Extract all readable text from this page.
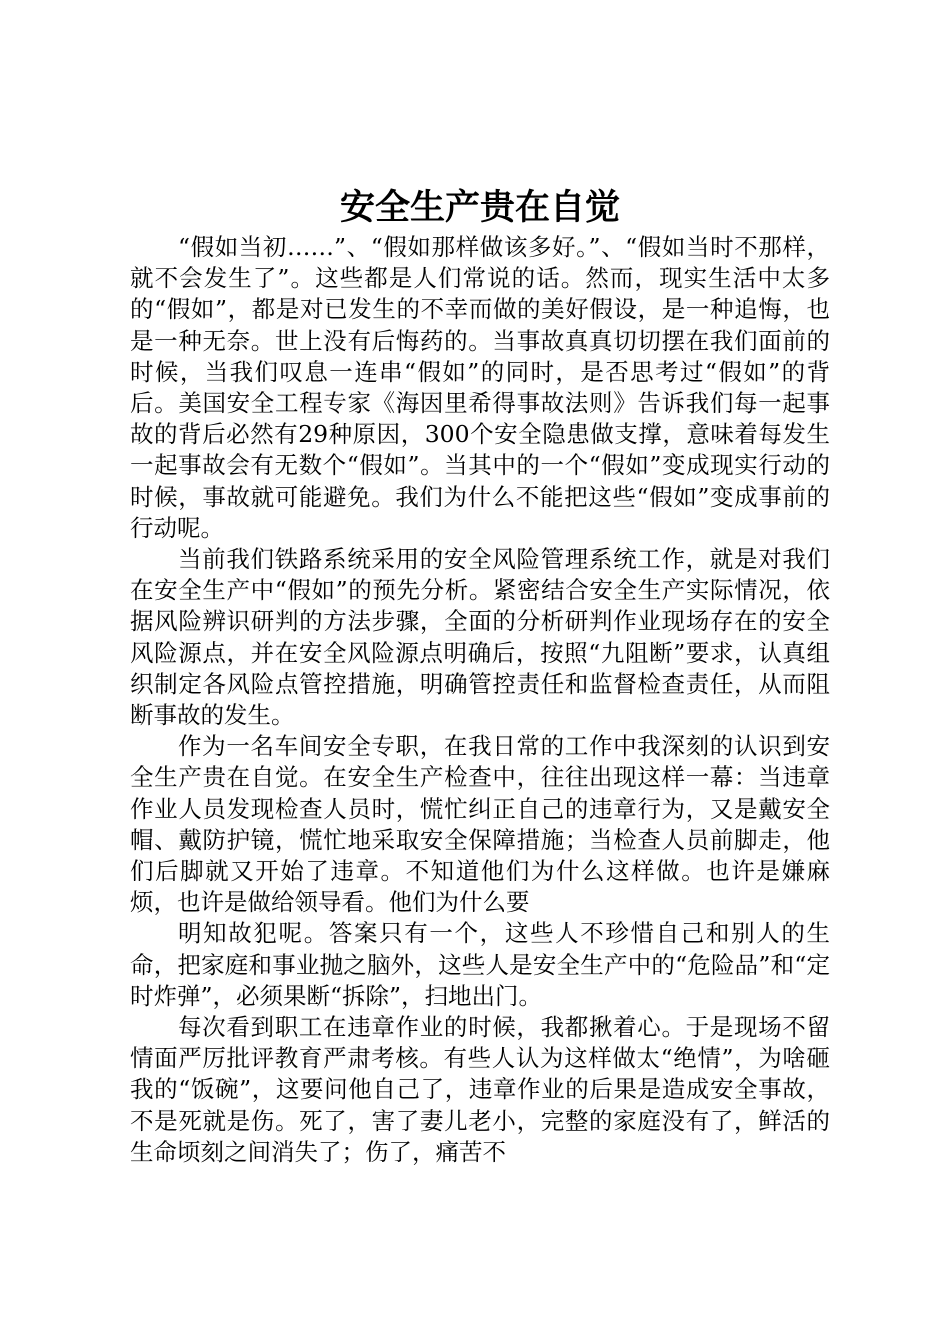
安全生产贵在自觉

“假如当初……”、“假如那样做该多好。”、“假如当时不那样，就不会发生了”。这些都是人们常说的话。然而，现实生活中太多的“假如”，都是对已发生的不幸而做的美好假设，是一种追悔，也是一种无奈。世上没有后悔药的。当事故真真切切摆在我们面前的时候，当我们叹息一连串“假如”的同时，是否思考过“假如”的背后。美国安全工程专家《海因里希得事故法则》告诉我们每一起事故的背后必然有29种原因，300个安全隐患做支撑，意味着每发生一起事故会有无数个“假如”。当其中的一个“假如”变成现实行动的时候，事故就可能避免。我们为什么不能把这些“假如”变成事前的行动呢。

当前我们铁路系统采用的安全风险管理系统工作，就是对我们在安全生产中“假如”的预先分析。紧密结合安全生产实际情况，依据风险辨识研判的方法步骤，全面的分析研判作业现场存在的安全风险源点，并在安全风险源点明确后，按照“九阻断”要求，认真组织制定各风险点管控措施，明确管控责任和监督检查责任，从而阻断事故的发生。

作为一名车间安全专职，在我日常的工作中我深刻的认识到安全生产贵在自觉。在安全生产检查中，往往出现这样一幕：当违章作业人员发现检查人员时，慌忙纠正自己的违章行为，又是戴安全帽、戴防护镜，慌忙地采取安全保障措施；当检查人员前脚走，他们后脚就又开始了违章。不知道他们为什么这样做。也许是嫌麻烦，也许是做给领导看。他们为什么要

明知故犯呢。答案只有一个，这些人不珍惜自己和别人的生命，把家庭和事业抛之脑外，这些人是安全生产中的“危险品”和“定时炸弹”，必须果断“拆除”，扫地出门。

每次看到职工在违章作业的时候，我都揪着心。于是现场不留情面严厉批评教育严肃考核。有些人认为这样做太“绝情”，为啥砸我的“饭碗”，这要问他自己了，违章作业的后果是造成安全事故，不是死就是伤。死了，害了妻儿老小，完整的家庭没有了，鲜活的生命顷刻之间消失了；伤了，痛苦不
